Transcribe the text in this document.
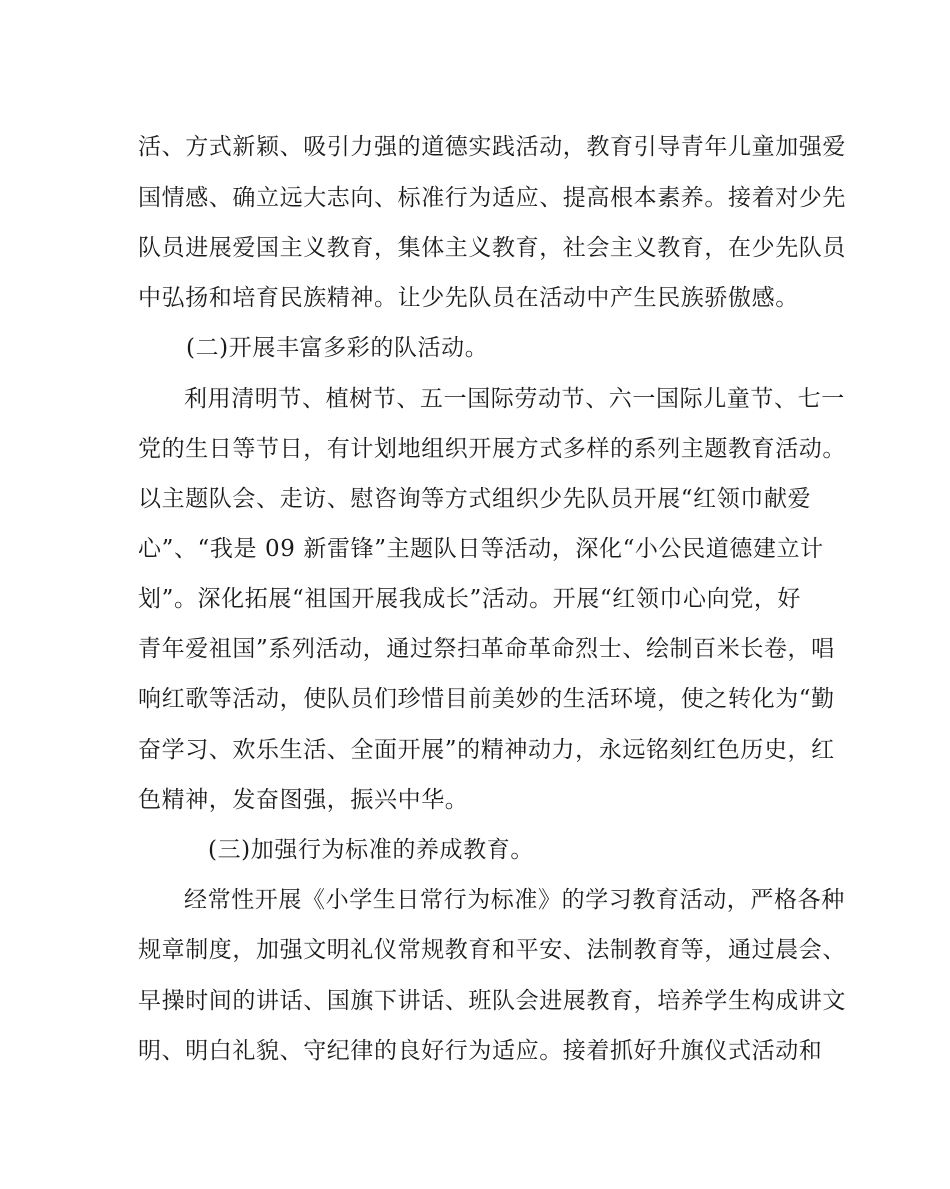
活、方式新颖、吸引力强的道德实践活动，教育引导青年儿童加强爱
国情感、确立远大志向、标准行为适应、提高根本素养。接着对少先
队员进展爱国主义教育，集体主义教育，社会主义教育，在少先队员
中弘扬和培育民族精神。让少先队员在活动中产生民族骄傲感。
(二)开展丰富多彩的队活动。
利用清明节、植树节、五一国际劳动节、六一国际儿童节、七一
党的生日等节日，有计划地组织开展方式多样的系列主题教育活动。
以主题队会、走访、慰咨询等方式组织少先队员开展“红领巾献爱
心”、“我是 09 新雷锋”主题队日等活动，深化“小公民道德建立计
划”。深化拓展“祖国开展我成长”活动。开展“红领巾心向党，好
青年爱祖国”系列活动，通过祭扫革命革命烈士、绘制百米长卷，唱
响红歌等活动，使队员们珍惜目前美妙的生活环境，使之转化为“勤
奋学习、欢乐生活、全面开展”的精神动力，永远铭刻红色历史，红
色精神，发奋图强，振兴中华。
(三)加强行为标准的养成教育。
经常性开展《小学生日常行为标准》的学习教育活动，严格各种
规章制度，加强文明礼仪常规教育和平安、法制教育等，通过晨会、
早操时间的讲话、国旗下讲话、班队会进展教育，培养学生构成讲文
明、明白礼貌、守纪律的良好行为适应。接着抓好升旗仪式活动和
